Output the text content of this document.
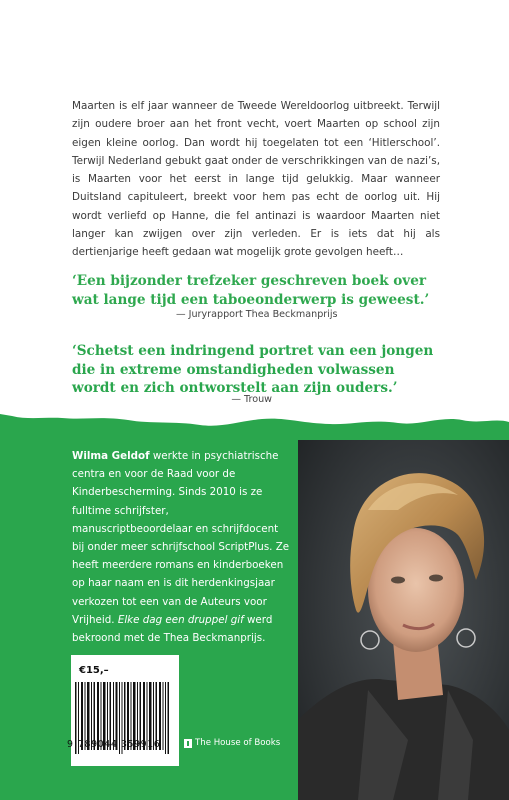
Maarten is elf jaar wanneer de Tweede Wereldoorlog uitbreekt. Terwijl zijn oudere broer aan het front vecht, voert Maarten op school zijn eigen kleine oorlog. Dan wordt hij toegelaten tot een ‘Hitlerschool’. Terwijl Nederland gebukt gaat onder de verschrikkingen van de nazi’s, is Maarten voor het eerst in lange tijd gelukkig. Maar wanneer Duitsland capituleert, breekt voor hem pas echt de oorlog uit. Hij wordt verliefd op Hanne, die fel antinazi is waardoor Maarten niet langer kan zwijgen over zijn verleden. Er is iets dat hij als dertienjarige heeft gedaan wat mogelijk grote gevolgen heeft…
‘Een bijzonder trefzeker geschreven boek over wat lange tijd een taboeonderwerp is geweest.’
— Juryrapport Thea Beckmanprijs
‘Schetst een indringend portret van een jongen die in extreme omstandigheden volwassen wordt en zich ontworstelt aan zijn ouders.’
— Trouw
Wilma Geldof werkte in psychiatrische centra en voor de Raad voor de Kinderbescherming. Sinds 2010 is ze fulltime schrijfster, manuscriptbeoordelaar en schrijfdocent bij onder meer schrijfschool ScriptPlus. Ze heeft meerdere romans en kinderboeken op haar naam en is dit herdenkingsjaar verkozen tot een van de Auteurs voor Vrijheid. Elke dag een druppel gif werd bekroond met de Thea Beckmanprijs.
€15,–
9 789044 359916	The House of Books
